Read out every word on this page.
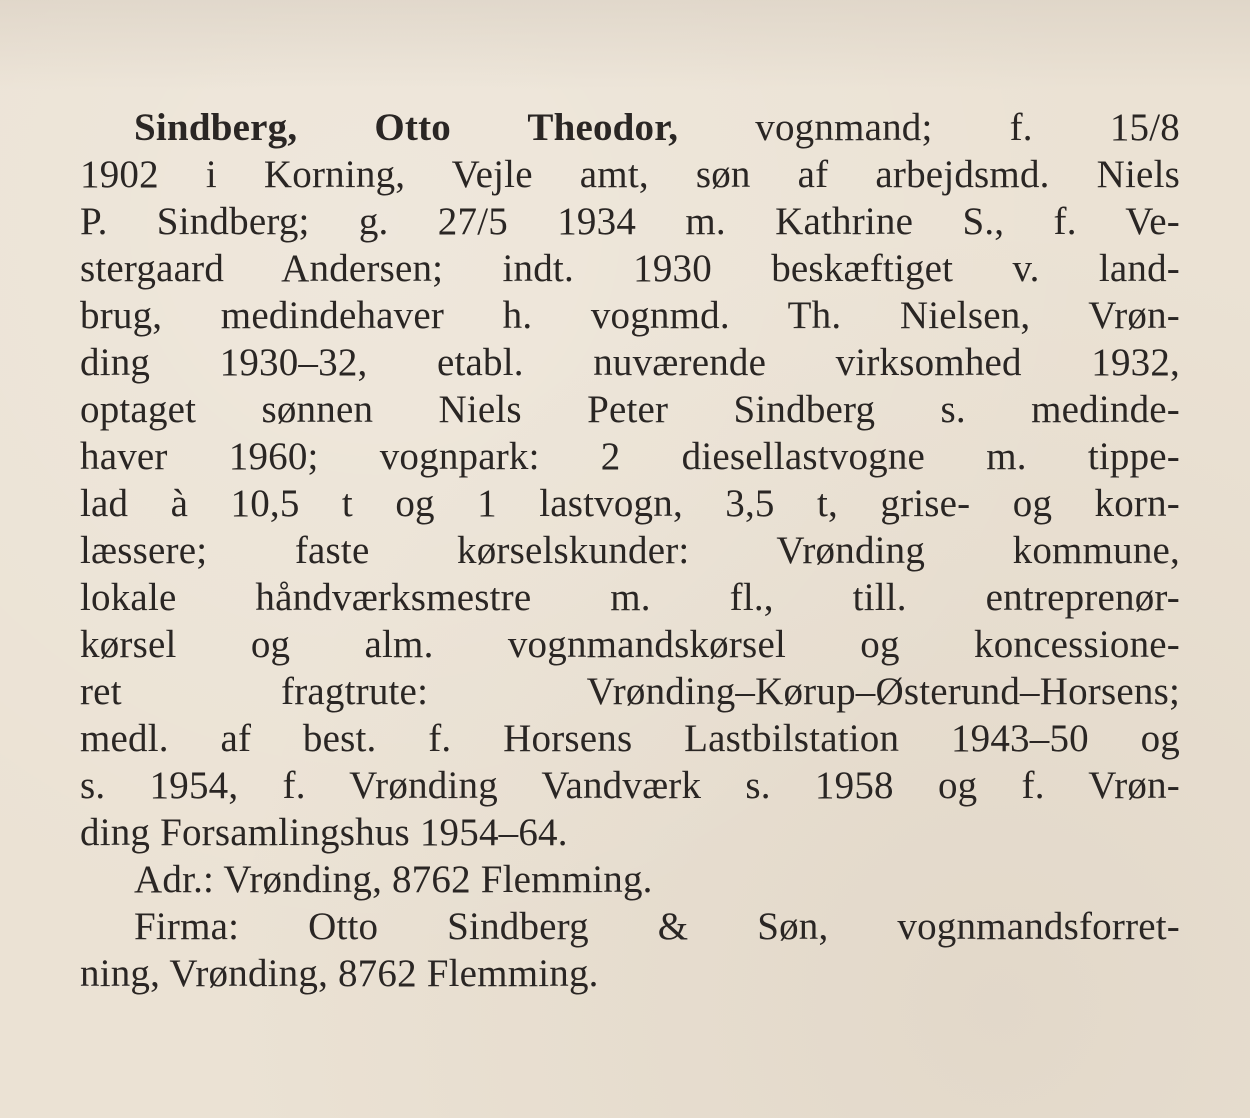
Sindberg, Otto Theodor, vognmand; f. 15/8
1902 i Korning, Vejle amt, søn af arbejdsmd. Niels
P. Sindberg; g. 27/5 1934 m. Kathrine S., f. Ve-
stergaard Andersen; indt. 1930 beskæftiget v. land-
brug, medindehaver h. vognmd. Th. Nielsen, Vrøn-
ding 1930–32, etabl. nuværende virksomhed 1932,
optaget sønnen Niels Peter Sindberg s. medinde-
haver 1960; vognpark: 2 diesellastvogne m. tippe-
lad à 10,5 t og 1 lastvogn, 3,5 t, grise- og korn-
læssere; faste kørselskunder: Vrønding kommune,
lokale håndværksmestre m. fl., till. entreprenør-
kørsel og alm. vognmandskørsel og koncessione-
ret fragtrute: Vrønding–Kørup–Østerund–Horsens;
medl. af best. f. Horsens Lastbilstation 1943–50 og
s. 1954, f. Vrønding Vandværk s. 1958 og f. Vrøn-
ding Forsamlingshus 1954–64.
Adr.: Vrønding, 8762 Flemming.
Firma: Otto Sindberg & Søn, vognmandsforret-
ning, Vrønding, 8762 Flemming.
